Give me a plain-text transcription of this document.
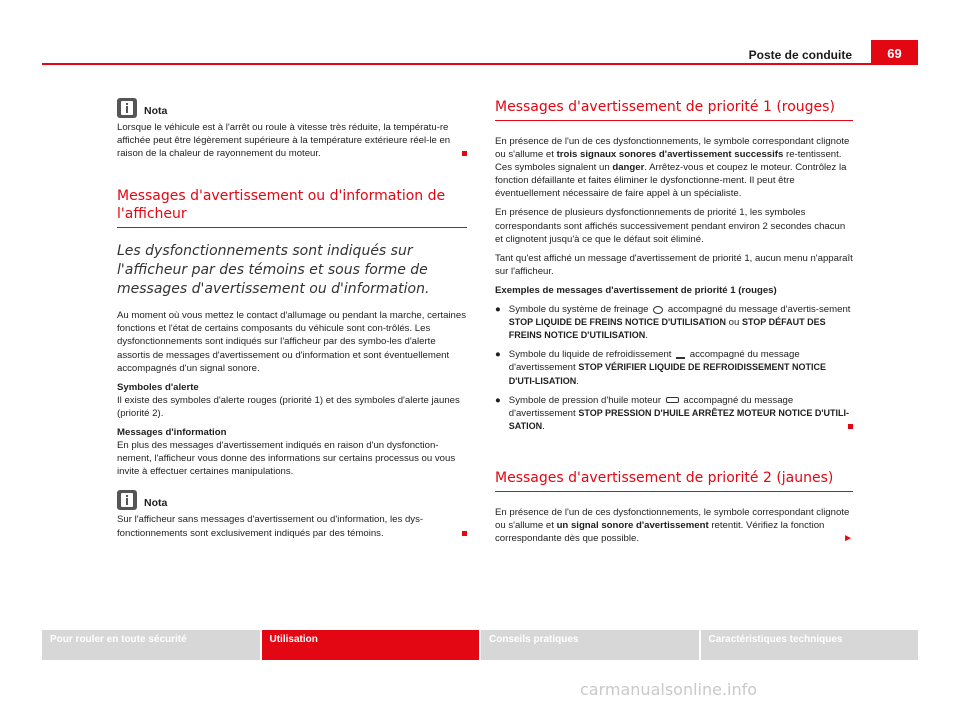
Poste de conduite	69
Nota
Lorsque le véhicule est à l'arrêt ou roule à vitesse très réduite, la températu-re affichée peut être légèrement supérieure à la température extérieure réel-le en raison de la chaleur de rayonnement du moteur.
Messages d'avertissement ou d'information de l'afficheur
Les dysfonctionnements sont indiqués sur l'afficheur par des témoins et sous forme de messages d'avertissement ou d'information.
Au moment où vous mettez le contact d'allumage ou pendant la marche, certaines fonctions et l'état de certains composants du véhicule sont con-trôlés. Les dysfonctionnements sont indiqués sur l'afficheur par des symbo-les d'alerte assortis de messages d'avertissement ou d'information et sont éventuellement accompagnés d'un signal sonore.
Symboles d'alerte
Il existe des symboles d'alerte rouges (priorité 1) et des symboles d'alerte jaunes (priorité 2).
Messages d'information
En plus des messages d'avertissement indiqués en raison d'un dysfonction-nement, l'afficheur vous donne des informations sur certains processus ou vous invite à effectuer certaines manipulations.
Nota
Sur l'afficheur sans messages d'avertissement ou d'information, les dys-fonctionnements sont exclusivement indiqués par des témoins.
Messages d'avertissement de priorité 1 (rouges)
En présence de l'un de ces dysfonctionnements, le symbole correspondant clignote ou s'allume et trois signaux sonores d'avertissement successifs re-tentissent. Ces symboles signalent un danger. Arrêtez-vous et coupez le moteur. Contrôlez la fonction défaillante et faites éliminer le dysfonctionne-ment. Il peut être éventuellement nécessaire de faire appel à un spécialiste.
En présence de plusieurs dysfonctionnements de priorité 1, les symboles correspondants sont affichés successivement pendant environ 2 secondes chacun et clignotent jusqu'à ce que le défaut soit éliminé.
Tant qu'est affiché un message d'avertissement de priorité 1, aucun menu n'apparaît sur l'afficheur.
Exemples de messages d'avertissement de priorité 1 (rouges)
● Symbole du système de freinage  accompagné du message d'avertis-sement STOP LIQUIDE DE FREINS NOTICE D'UTILISATION ou STOP DÉFAUT DES FREINS NOTICE D'UTILISATION.
● Symbole du liquide de refroidissement  accompagné du message d'avertissement STOP VÉRIFIER LIQUIDE DE REFROIDISSEMENT NOTICE D'UTI-LISATION.
● Symbole de pression d'huile moteur  accompagné du message d'avertissement STOP PRESSION D'HUILE ARRÊTEZ MOTEUR NOTICE D'UTILI-SATION.
Messages d'avertissement de priorité 2 (jaunes)
En présence de l'un de ces dysfonctionnements, le symbole correspondant clignote ou s'allume et un signal sonore d'avertissement retentit. Vérifiez la fonction correspondante dès que possible.	►
Pour rouler en toute sécurité	Utilisation	Conseils pratiques	Caractéristiques techniques
carmanualsonline.info
